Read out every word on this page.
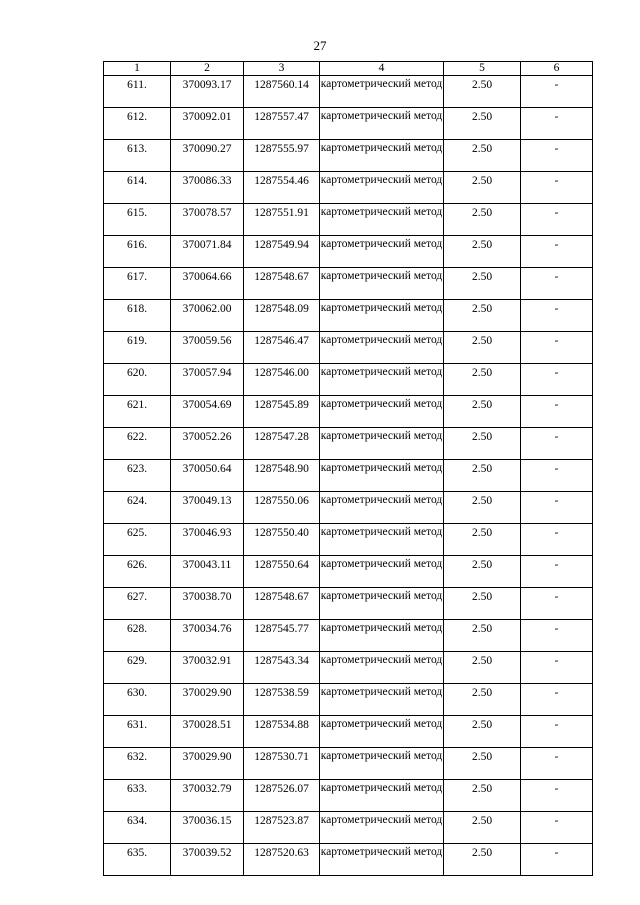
27
1	2	3	4	5	6
611.	370093.17	1287560.14	картометрический метод	2.50	-
612.	370092.01	1287557.47	картометрический метод	2.50	-
613.	370090.27	1287555.97	картометрический метод	2.50	-
614.	370086.33	1287554.46	картометрический метод	2.50	-
615.	370078.57	1287551.91	картометрический метод	2.50	-
616.	370071.84	1287549.94	картометрический метод	2.50	-
617.	370064.66	1287548.67	картометрический метод	2.50	-
618.	370062.00	1287548.09	картометрический метод	2.50	-
619.	370059.56	1287546.47	картометрический метод	2.50	-
620.	370057.94	1287546.00	картометрический метод	2.50	-
621.	370054.69	1287545.89	картометрический метод	2.50	-
622.	370052.26	1287547.28	картометрический метод	2.50	-
623.	370050.64	1287548.90	картометрический метод	2.50	-
624.	370049.13	1287550.06	картометрический метод	2.50	-
625.	370046.93	1287550.40	картометрический метод	2.50	-
626.	370043.11	1287550.64	картометрический метод	2.50	-
627.	370038.70	1287548.67	картометрический метод	2.50	-
628.	370034.76	1287545.77	картометрический метод	2.50	-
629.	370032.91	1287543.34	картометрический метод	2.50	-
630.	370029.90	1287538.59	картометрический метод	2.50	-
631.	370028.51	1287534.88	картометрический метод	2.50	-
632.	370029.90	1287530.71	картометрический метод	2.50	-
633.	370032.79	1287526.07	картометрический метод	2.50	-
634.	370036.15	1287523.87	картометрический метод	2.50	-
635.	370039.52	1287520.63	картометрический метод	2.50	-
